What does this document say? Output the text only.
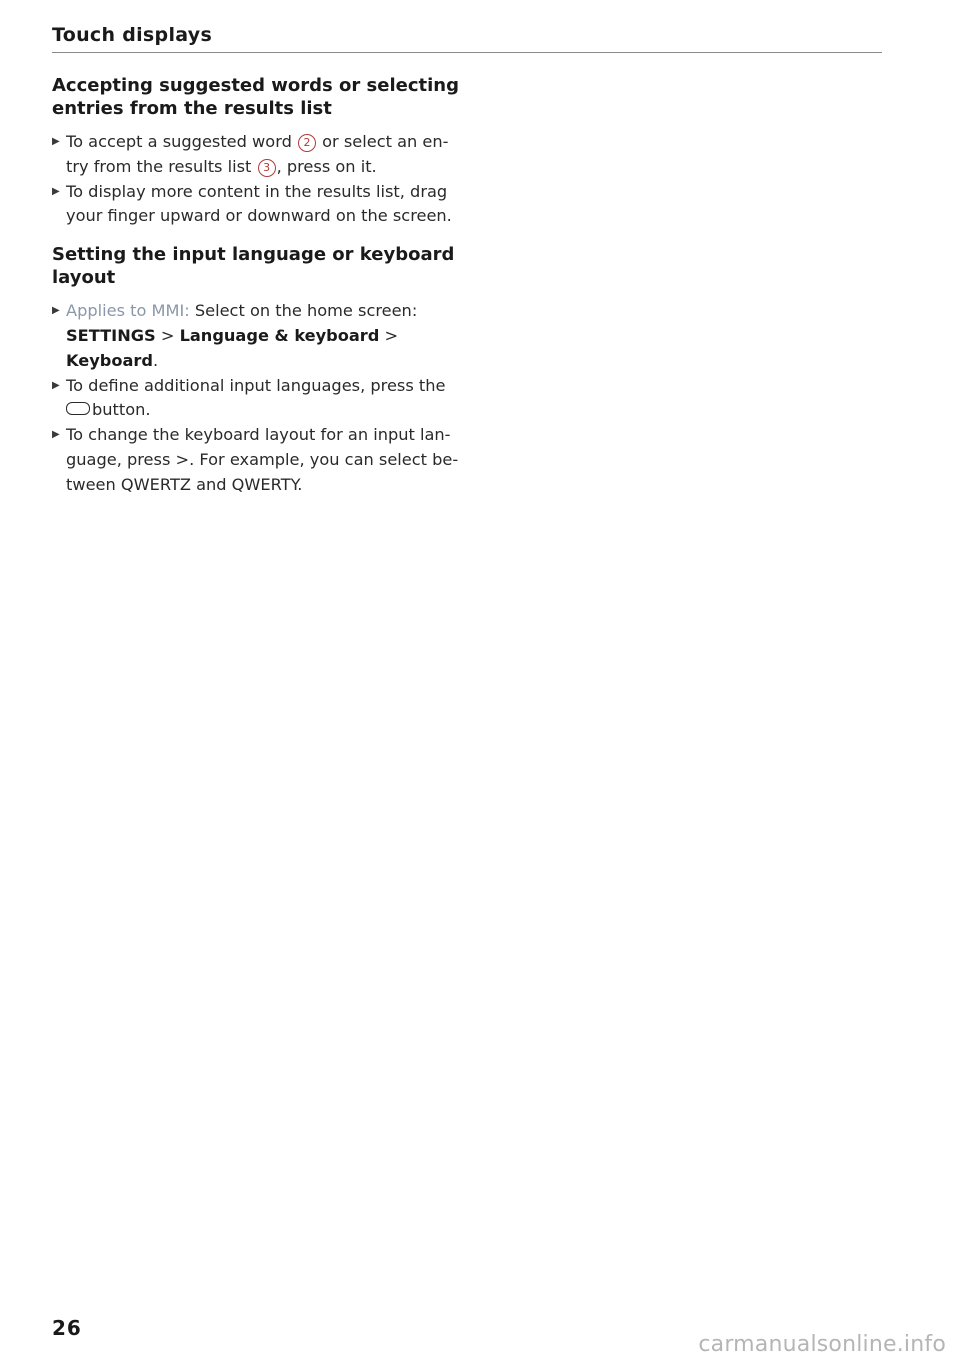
Touch displays
Accepting suggested words or selecting
entries from the results list
▶ To accept a suggested word 2 or select an en-
try from the results list 3 , press on it.
▶ To display more content in the results list, drag
your finger upward or downward on the screen.
Setting the input language or keyboard
layout
▶ Applies to MMI: Select on the home screen:
SETTINGS > Language & keyboard > Keyboard.
▶ To define additional input languages, press the
button.
▶ To change the keyboard layout for an input lan-
guage, press >. For example, you can select be-
tween QWERTZ and QWERTY.
26
carmanualsonline.info
